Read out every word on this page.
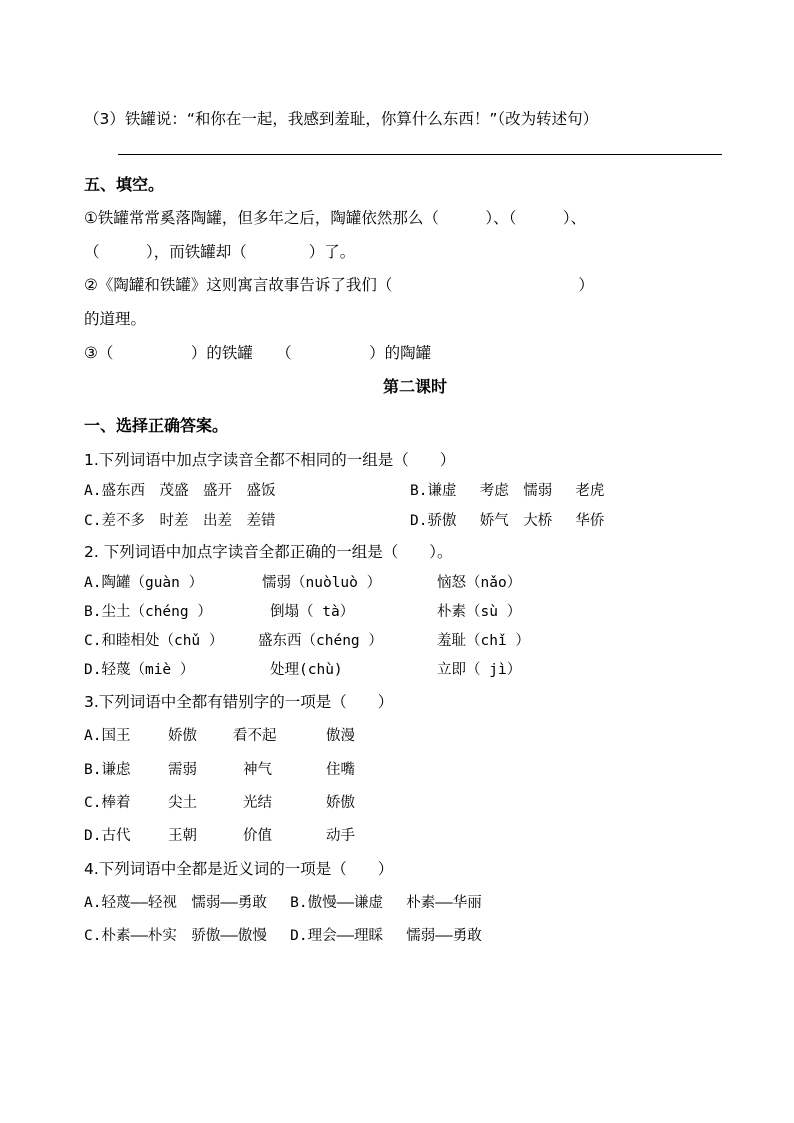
（3）铁罐说：“和你在一起，我感到羞耻，你算什么东西！”（改为转述句）
五、填空。
①铁罐常常奚落陶罐，但多年之后，陶罐依然那么（　　　）、（　　　）、
（　　　），而铁罐却（　　　　）了。
②《陶罐和铁罐》这则寓言故事告诉了我们（　　　　　　　　　　　　）
的道理。
③（　　　　　）的铁罐　　（　　　　　）的陶罐
第二课时
一、选择正确答案。
1.下列词语中加点字读音全都不相同的一组是（　　）
A.盛东西　茂盛　盛开　盛饭	B.谦虚　 考虑　懦弱　 老虎
C.差不多　时差　出差　差错	D.骄傲　 娇气　大桥　 华侨
2. 下列词语中加点字读音全都正确的一组是（　　）。
A.陶罐（guàn ）	懦弱（nuòluò ）	恼怒（nǎo）
B.尘土（chéng ）	倒塌（ tà）	朴素（sù ）
C.和睦相处（chǔ ） 盛东西（chéng ）	羞耻（chǐ ）
D.轻蔑（miè ）	处理(chù)	立即（ jì）
3.下列词语中全都有错别字的一项是（　　）
A.国王	娇傲 看不起	傲漫
B.谦虑	需弱	神气	住嘴
C.棒着	尖土	光结	娇傲
D.古代	王朝	价值	动手
4.下列词语中全都是近义词的一项是（　　）
A.轻蔑——轻视　懦弱——勇敢　 B.傲慢——谦虚　 朴素——华丽
C.朴素——朴实　骄傲——傲慢　 D.理会——理睬　 懦弱——勇敢
